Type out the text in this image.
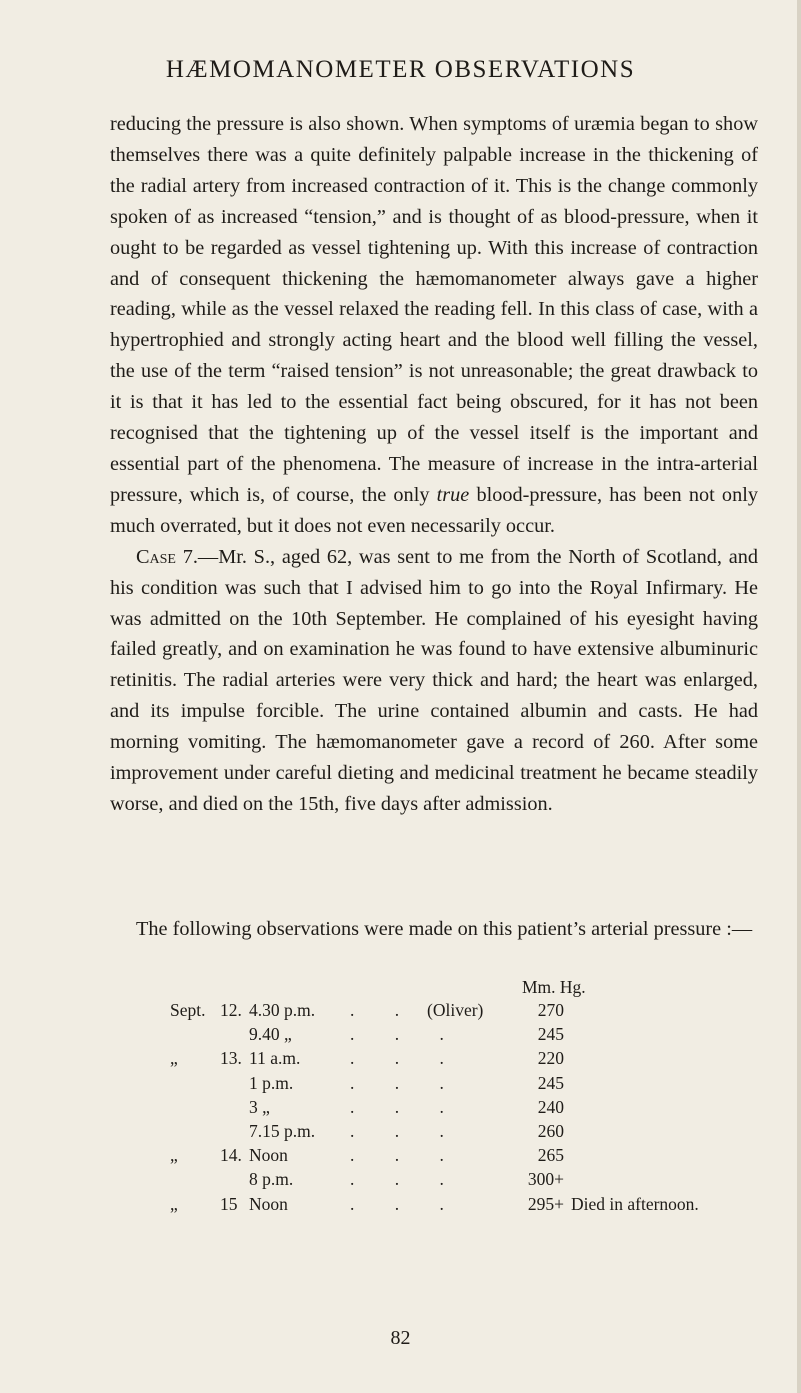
HÆMOMANOMETER OBSERVATIONS

reducing the pressure is also shown. When symptoms of uræmia began to show themselves there was a quite definitely palpable increase in the thickening of the radial artery from increased contraction of it. This is the change commonly spoken of as increased “tension,” and is thought of as blood-pressure, when it ought to be regarded as vessel tightening up. With this increase of contraction and of consequent thickening the hæmomanometer always gave a higher reading, while as the vessel relaxed the reading fell. In this class of case, with a hypertrophied and strongly acting heart and the blood well filling the vessel, the use of the term “raised tension” is not unreasonable; the great drawback to it is that it has led to the essential fact being obscured, for it has not been recognised that the tightening up of the vessel itself is the important and essential part of the phenomena. The measure of increase in the intra-arterial pressure, which is, of course, the only true blood-pressure, has been not only much overrated, but it does not even necessarily occur.

Case 7.—Mr. S., aged 62, was sent to me from the North of Scotland, and his condition was such that I advised him to go into the Royal Infirmary. He was admitted on the 10th September. He complained of his eyesight having failed greatly, and on examination he was found to have extensive albuminuric retinitis. The radial arteries were very thick and hard; the heart was enlarged, and its impulse forcible. The urine contained albumin and casts. He had morning vomiting. The hæmomanometer gave a record of 260. After some improvement under careful dieting and medicinal treatment he became steadily worse, and died on the 15th, five days after admission.

The following observations were made on this patient’s arterial pressure :—

Mm. Hg.
Sept. 12. 4.30 p.m.	. . (Oliver)	270
9.40 „	. . .	245
„	13. 11 a.m.	. . .	220
1 p.m.	. . .	245
3 „	. . .	240
7.15 p.m.	. . .	260
„	14. Noon	. . .	265
8 p.m.	. . .	300+
„	15 Noon	. . .	295+ Died in afternoon.
82
